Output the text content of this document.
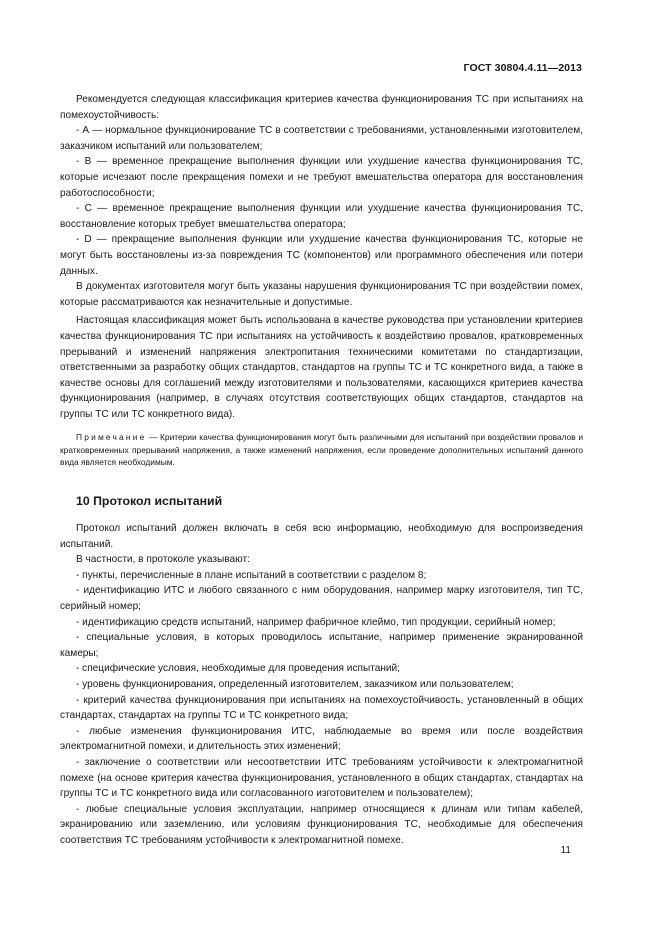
ГОСТ 30804.4.11—2013

Рекомендуется следующая классификация критериев качества функционирования ТС при испытаниях на помехоустойчивость:

- А — нормальное функционирование ТС в соответствии с требованиями, установленными изготовителем, заказчиком испытаний или пользователем;

- В — временное прекращение выполнения функции или ухудшение качества функционирования ТС, которые исчезают после прекращения помехи и не требуют вмешательства оператора для восстановления работоспособности;

- С — временное прекращение выполнения функции или ухудшение качества функционирования ТС, восстановление которых требует вмешательства оператора;

- D — прекращение выполнения функции или ухудшение качества функционирования ТС, которые не могут быть восстановлены из-за повреждения ТС (компонентов) или программного обеспечения или потери данных.

В документах изготовителя могут быть указаны нарушения функционирования ТС при воздействии помех, которые рассматриваются как незначительные и допустимые.

Настоящая классификация может быть использована в качестве руководства при установлении критериев качества функционирования ТС при испытаниях на устойчивость к воздействию провалов, кратковременных прерываний и изменений напряжения электропитания техническими комитетами по стандартизации, ответственными за разработку общих стандартов, стандартов на группы ТС и ТС конкретного вида, а также в качестве основы для соглашений между изготовителями и пользователями, касающихся критериев качества функционирования (например, в случаях отсутствия соответствующих общих стандартов, стандартов на группы ТС или ТС конкретного вида).

Примечание — Критерии качества функционирования могут быть различными для испытаний при воздействии провалов и кратковременных прерываний напряжения, а также изменений напряжения, если проведение дополнительных испытаний данного вида является необходимым.

10 Протокол испытаний

Протокол испытаний должен включать в себя всю информацию, необходимую для воспроизведения испытаний.

В частности, в протоколе указывают:

- пункты, перечисленные в плане испытаний в соответствии с разделом 8;

- идентификацию ИТС и любого связанного с ним оборудования, например марку изготовителя, тип ТС, серийный номер;

- идентификацию средств испытаний, например фабричное клеймо, тип продукции, серийный номер;

- специальные условия, в которых проводилось испытание, например применение экранированной камеры;

- специфические условия, необходимые для проведения испытаний;

- уровень функционирования, определенный изготовителем, заказчиком или пользователем;

- критерий качества функционирования при испытаниях на помехоустойчивость, установленный в общих стандартах, стандартах на группы ТС и ТС конкретного вида;

- любые изменения функционирования ИТС, наблюдаемые во время или после воздействия электромагнитной помехи, и длительность этих изменений;

- заключение о соответствии или несоответствии ИТС требованиям устойчивости к электромагнитной помехе (на основе критерия качества функционирования, установленного в общих стандартах, стандартах на группы ТС и ТС конкретного вида или согласованного изготовителем и пользователем);

- любые специальные условия эксплуатации, например относящиеся к длинам или типам кабелей, экранированию или заземлению, или условиям функционирования ТС, необходимые для обеспечения соответствия ТС требованиям устойчивости к электромагнитной помехе.

11
